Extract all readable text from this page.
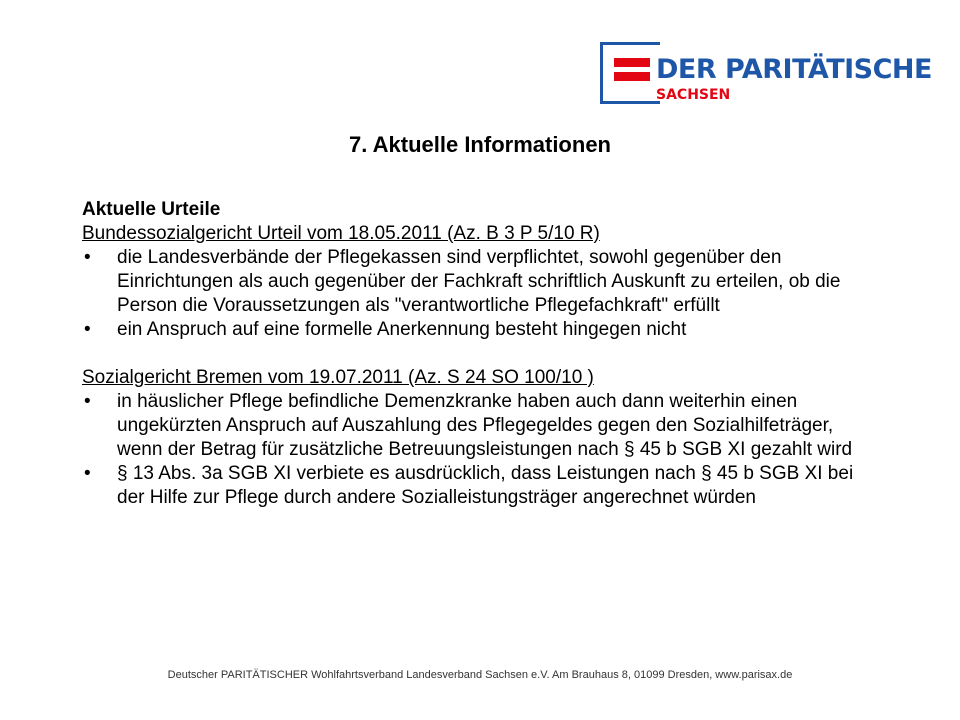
DER PARITÄTISCHE
SACHSEN
7. Aktuelle Informationen
Aktuelle Urteile
Bundessozialgericht Urteil vom 18.05.2011 (Az. B 3 P 5/10 R)
• die Landesverbände der Pflegekassen sind verpflichtet, sowohl gegenüber den Einrichtungen als auch gegenüber der Fachkraft schriftlich Auskunft zu erteilen, ob die Person die Voraussetzungen als "verantwortliche Pflegefachkraft" erfüllt
• ein Anspruch auf eine formelle Anerkennung besteht hingegen nicht
Sozialgericht Bremen vom 19.07.2011 (Az. S 24 SO 100/10 )
• in häuslicher Pflege befindliche Demenzkranke haben auch dann weiterhin einen ungekürzten Anspruch auf Auszahlung des Pflegegeldes gegen den Sozialhilfeträger, wenn der Betrag für zusätzliche Betreuungsleistungen nach § 45 b SGB XI gezahlt wird
• § 13 Abs. 3a SGB XI verbiete es ausdrücklich, dass Leistungen nach § 45 b SGB XI bei der Hilfe zur Pflege durch andere Sozialleistungsträger angerechnet würden
Deutscher PARITÄTISCHER Wohlfahrtsverband Landesverband Sachsen e.V. Am Brauhaus 8, 01099 Dresden, www.parisax.de
